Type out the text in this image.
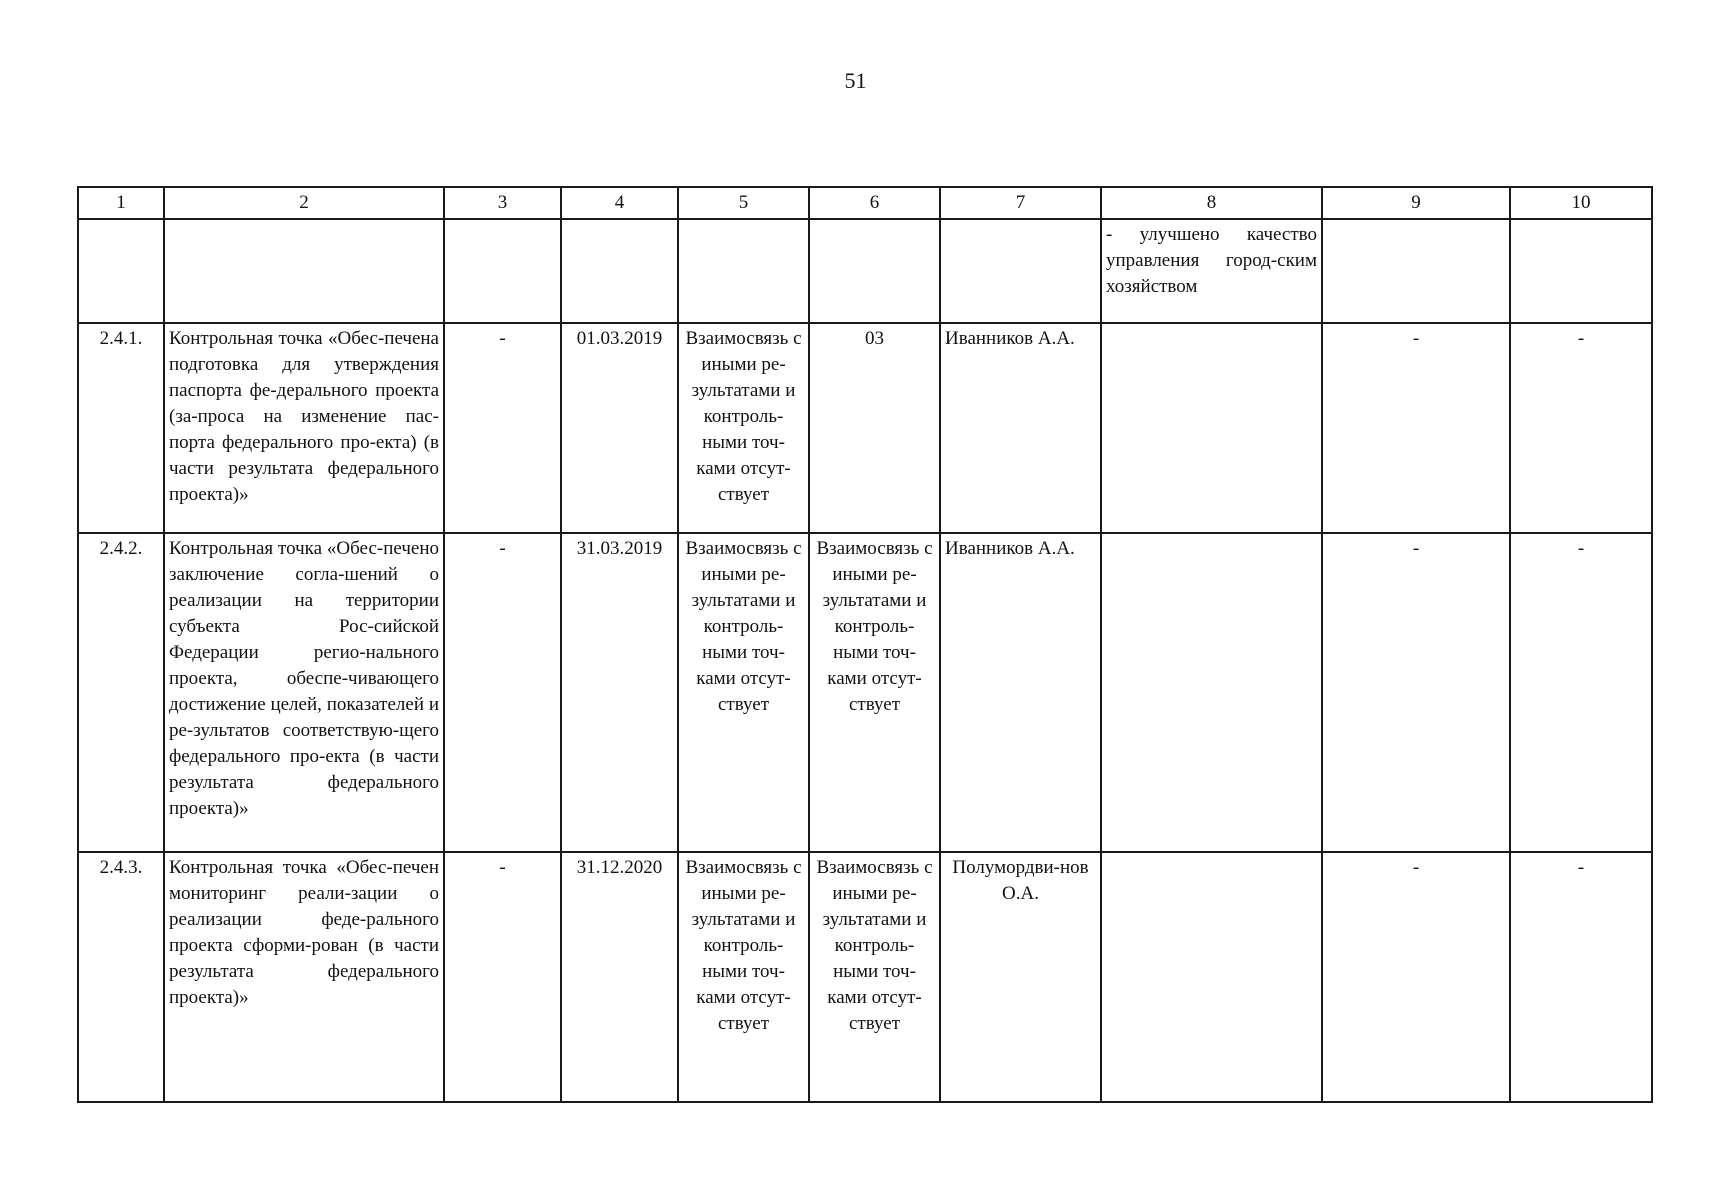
51
1	2	3	4	5	6	7	8	9	10
							- улучшено качество управления город-ским хозяйством		
2.4.1.	Контрольная точка «Обес-печена подготовка для утверждения паспорта фе-дерального проекта (за-проса на изменение пас-порта федерального про-екта) (в части результата федерального проекта)»	-	01.03.2019	Взаимосвязь с иными ре-зультатами и контроль-ными точ-ками отсут-ствует	03	Иванников А.А.		-	-
2.4.2.	Контрольная точка «Обес-печено заключение согла-шений о реализации на территории субъекта Рос-сийской Федерации регио-нального проекта, обеспе-чивающего достижение целей, показателей и ре-зультатов соответствую-щего федерального про-екта (в части результата федерального проекта)»	-	31.03.2019	Взаимосвязь с иными ре-зультатами и контроль-ными точ-ками отсут-ствует	Взаимосвязь с иными ре-зультатами и контроль-ными точ-ками отсут-ствует	Иванников А.А.		-	-
2.4.3.	Контрольная точка «Обес-печен мониторинг реали-зации о реализации феде-рального проекта сформи-рован (в части результата федерального проекта)»	-	31.12.2020	Взаимосвязь с иными ре-зультатами и контроль-ными точ-ками отсут-ствует	Взаимосвязь с иными ре-зультатами и контроль-ными точ-ками отсут-ствует	Полумордви-нов О.А.		-	-
